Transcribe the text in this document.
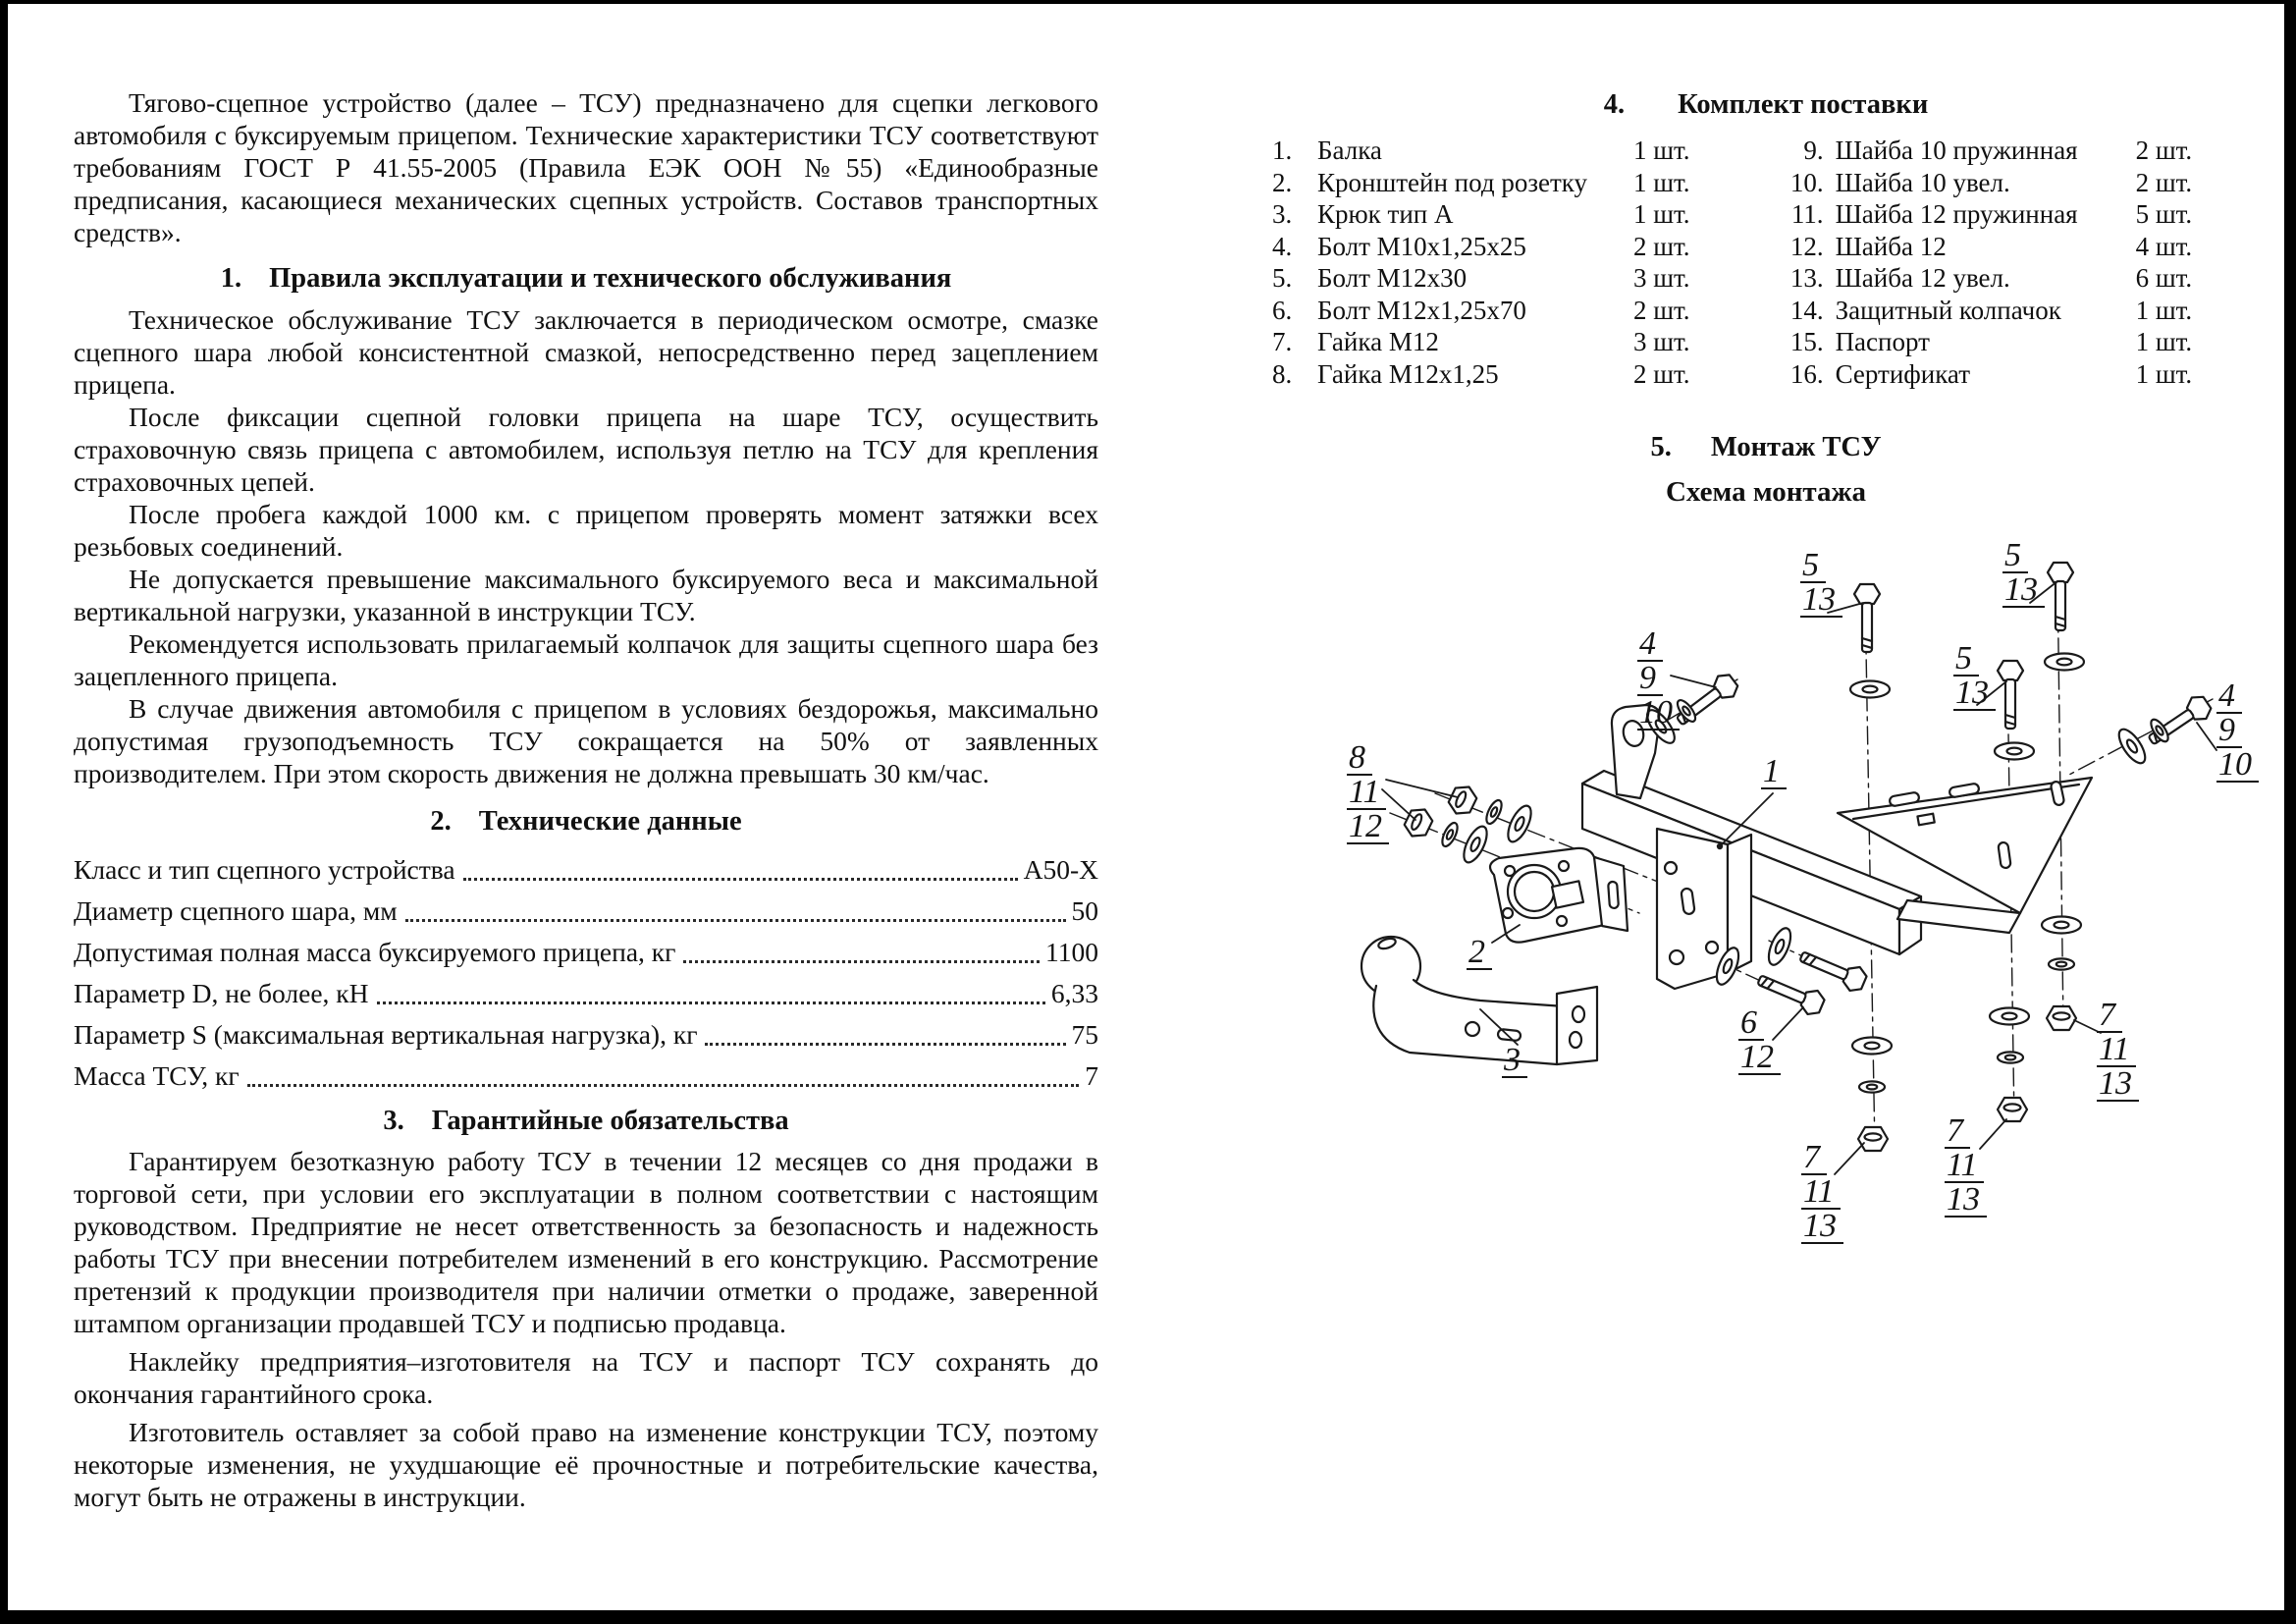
Тягово-сцепное устройство (далее – ТСУ) предназначено для сцепки легкового автомобиля с буксируемым прицепом. Технические характеристики ТСУ соответствуют требованиям ГОСТ Р 41.55-2005 (Правила ЕЭК ООН №55) «Единообразные предписания, касающиеся механических сцепных устройств. Составов транспортных средств».

1. Правила эксплуатации и технического обслуживания

Техническое обслуживание ТСУ заключается в периодическом осмотре, смазке сцепного шара любой консистентной смазкой, непосредственно перед зацеплением прицепа.

После фиксации сцепной головки прицепа на шаре ТСУ, осуществить страховочную связь прицепа с автомобилем, используя петлю на ТСУ для крепления страховочных цепей.

После пробега каждой 1000 км. с прицепом проверять момент затяжки всех резьбовых соединений.

Не допускается превышение максимального буксируемого веса и максимальной вертикальной нагрузки, указанной в инструкции ТСУ.

Рекомендуется использовать прилагаемый колпачок для защиты сцепного шара без зацепленного прицепа.

В случае движения автомобиля с прицепом в условиях бездорожья, максимально допустимая грузоподъемность ТСУ сокращается на 50% от заявленных производителем. При этом скорость движения не должна превышать 30 км/час.

2. Технические данные
Класс и тип сцепного устройства	А50-X
Диаметр сцепного шара, мм	50
Допустимая полная масса буксируемого прицепа, кг	1100
Параметр D, не более, кН	6,33
Параметр S (максимальная вертикальная нагрузка), кг	75
Масса ТСУ, кг	7
3. Гарантийные обязательства

Гарантируем безотказную работу ТСУ в течении 12 месяцев со дня продажи в торговой сети, при условии его эксплуатации в полном соответствии с настоящим руководством. Предприятие не несет ответственность за безопасность и надежность работы ТСУ при внесении потребителем изменений в его конструкцию. Рассмотрение претензий к продукции производителя при наличии отметки о продаже, заверенной штампом организации продавшей ТСУ и подписью продавца.

Наклейку предприятия–изготовителя на ТСУ и паспорт ТСУ сохранять до окончания гарантийного срока.

Изготовитель оставляет за собой право на изменение конструкции ТСУ, поэтому некоторые изменения, не ухудшающие её прочностные и потребительские качества, могут быть не отражены в инструкции.

4. Комплект поставки
1. Балка	1 шт.
2. Кронштейн под розетку	1 шт.
3. Крюк тип А	1 шт.
4. Болт М10х1,25х25	2 шт.
5. Болт М12х30	3 шт.
6. Болт М12х1,25х70	2 шт.
7. Гайка М12	3 шт.
8. Гайка М12х1,25	2 шт.
9. Шайба 10 пружинная	2 шт.
10. Шайба 10 увел.	2 шт.
11. Шайба 12 пружинная	5 шт.
12. Шайба 12	4 шт.
13. Шайба 12 увел.	6 шт.
14. Защитный колпачок	1 шт.
15. Паспорт	1 шт.
16. Сертификат	1 шт.
5. Монтаж ТСУ
Схема монтажа
4
9
10
5
13
5
13
5
13	4
9
10
8
11
12
1
2
3
6
12
7
11
13
7
11
13
7
11
13
